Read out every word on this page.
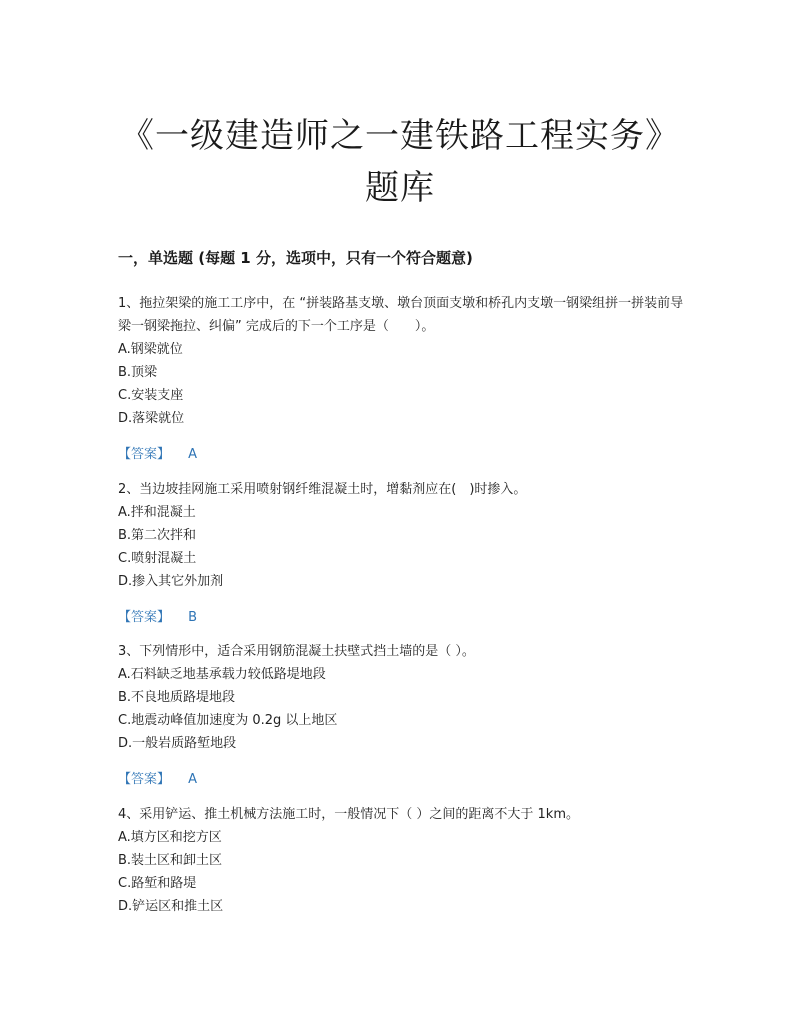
《一级建造师之一建铁路工程实务》
题库
一，单选题 (每题 1 分，选项中，只有一个符合题意)
1、拖拉架梁的施工工序中，在 “拼装路基支墩、墩台顶面支墩和桥孔内支墩一钢梁组拼一拼装前导梁一钢梁拖拉、纠偏” 完成后的下一个工序是（　　）。
A.钢梁就位
B.顶梁
C.安装支座
D.落梁就位
【答案】 A
2、当边坡挂网施工采用喷射钢纤维混凝土时，增黏剂应在(　)时掺入。
A.拌和混凝土
B.第二次拌和
C.喷射混凝土
D.掺入其它外加剂
【答案】 B
3、下列情形中，适合采用钢筋混凝土扶壁式挡土墙的是（ ）。
A.石料缺乏地基承载力较低路堤地段
B.不良地质路堤地段
C.地震动峰值加速度为 0.2g 以上地区
D.一般岩质路堑地段
【答案】 A
4、采用铲运、推土机械方法施工时，一般情况下（ ）之间的距离不大于 1km。
A.填方区和挖方区
B.装土区和卸土区
C.路堑和路堤
D.铲运区和推土区
